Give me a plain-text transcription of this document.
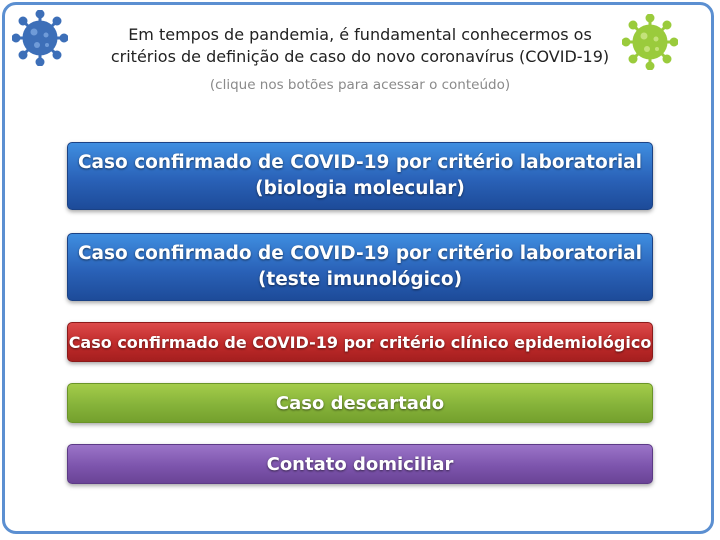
Em tempos de pandemia, é fundamental conhecermos os
critérios de definição de caso do novo coronavírus (COVID-19)
(clique nos botões para acessar o conteúdo)
Caso confirmado de COVID-19 por critério laboratorial
(biologia molecular)
Caso confirmado de COVID-19 por critério laboratorial
(teste imunológico)
Caso confirmado de COVID-19 por critério clínico epidemiológico
Caso descartado
Contato domiciliar
